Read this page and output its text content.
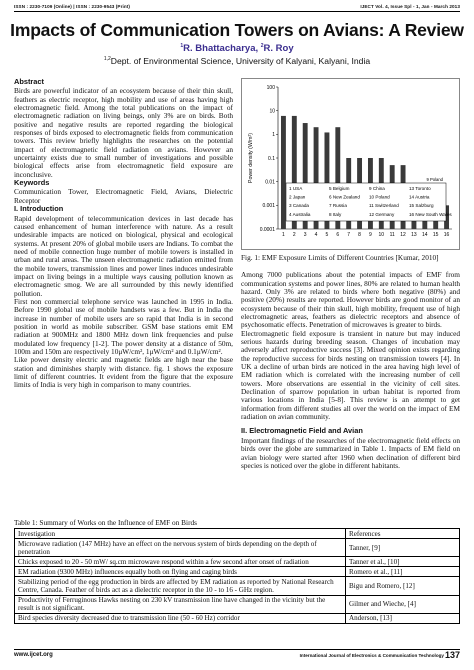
ISSN : 2230-7109 (Online) | ISSN : 2230-9543 (Print)	IJECT Vol. 4, Issue Spl - 1, Jan - March 2013
Impacts of Communication Towers on Avians: A Review
$^1$R. Bhattacharya, $^2$R. Roy
$^{1,2}$Dept. of Environmental Science, University of Kalyani, Kalyani, India
Abstract

Birds are powerful indicator of an ecosystem because of their thin skull, feathers as electric receptor, high mobility and use of areas having high electromagnetic field. Among the total publications on the impact of electromagnetic radiation on living beings, only 3% are on birds. Both positive and negative results are reported regarding the biological responses of birds exposed to electromagnetic fields from communication towers. This review briefly highlights the researches on the potential impact of electromagnetic field radiation on avians. However an uncertainty exists due to small number of investigations and possible biological effects arise from electromagnetic field exposure are inconclusive.

Keywords

Communication Tower, Electromagnetic Field, Avians, Dielectric Receptor

I. Introduction

Rapid development of telecommunication devices in last decade has caused enhancement of human interference with nature. As a result undesirable impacts are noticed on biological, physical and ecological systems. At present 20% of global mobile users are Indians. To combat the need of mobile connection huge number of mobile towers is installed in urban and rural areas. The unseen electromagnetic radiation emitted from the mobile towers, transmission lines and power lines induces undesirable impact on living beings in a multiple ways causing pollution known as electromagnetic smog. We are all surrounded by this newly identified pollution.

First non commercial telephone service was launched in 1995 in India. Before 1990 global use of mobile handsets was a few. But in India the increase in number of mobile users are so rapid that India is in second position in world as mobile subscriber. GSM base stations emit EM radiation at 900MHz and 1800 MHz down link frequencies and pulse modulated low frequency [1-2]. The power density at a distance of 50m, 100m and 150m are respectively 10μW/cm², 1μW/cm² and 0.1μW/cm².

Like power density electric and magnetic fields are high near the base station and diminishes sharply with distance. fig. 1 shows the exposure limit of different countries. It evident from the figure that the exposure limits of India is very high in comparison to many countries.

100
10
1
0.1
0.01
0.001
0.0001
Power density (W/m²)
1 2 3 4 5 6 7 8 9 10 11 12 13 14 15 16
1 USA
2 Japan
3 Canada
4 Australia
5 Belgium
6 New Zealand
7 Russia
8 Italy
9 China
10 Poland
11 Switzerland
12 Germany
13 Toronto
14 Austria
15 Salzburg
16 New South Wales
9 Poland
Fig. 1: EMF Exposure Limits of Different Countries [Kumar, 2010]

Among 7000 publications about the potential impacts of EMF from communication systems and power lines, 80% are related to human health hazard. Only 3% are related to birds where both negative (80%) and positive (20%) results are reported. However birds are good monitor of an ecosystem because of their thin skull, high mobility, frequent use of high electromagnetic areas, feathers as dielectric receptors and absence of psychosomatic effects. Penetration of microwaves is greater to birds.

Electromagnetic field exposure is transient in nature but may induced serious hazards during breeding season. Changes of incubation may adversely affect reproductive success [3]. Mixed opinion exists regarding the reproductive success for birds nesting on transmission towers [4]. In UK a decline of urban birds are noticed in the area having high level of EM radiation which is correlated with the increasing number of cell towers. More observations are essential in the vicinity of cell sites. Declination of sparrow population in urban habitat is reported from various locations in India [5-8]. This review is an attempt to get information from different studies all over the world on the impact of EM radiation on avian community.

II. Electromagnetic Field and Avian

Important findings of the researches of the electromagnetic field effects on birds over the globe are summarized in Table 1. Impacts of EM field on avian biology were started after 1960 when declination of different bird species is noticed over the globe in different habitants.

Table 1: Summary of Works on the Influence of EMF on Birds
Investigation	References
Microwave radiation (147 MHz) have an effect on the nervous system of birds depending on the depth of penetration	Tanner, [9]
Chicks exposed to 20 - 50 mW/ sq.cm microwave respond within a few second after onset of radiation	Tanner et al., [10]
EM radiation (9300 MHz) influences equally both on flying and caging birds	Romero et al., [11]
Stabilizing period of the egg production in birds are affected by EM radiation as reported by National Research Centre, Canada. Feather of birds act as a dielectric receptor in the 10 - to 16 - GHz region.	Bigu and Romero, [12]
Productivity of Ferruginous Hawks nesting on 230 kV transmission line have changed in the vicinity but the result is not significant.	Gilmer and Wieche, [4]
Bird species diversity decreased due to transmission line (50 - 60 Hz) corridor	Anderson, [13]
www.ijcet.org	International Journal of Electronics & Communication Technology 137
